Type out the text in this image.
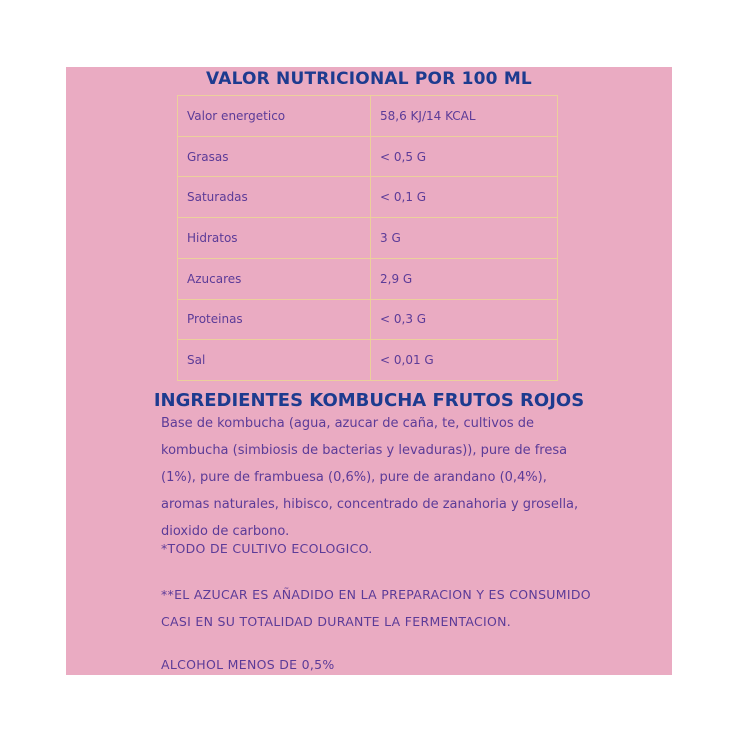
VALOR NUTRICIONAL POR 100 ML
Valor energetico	58,6 KJ/14 KCAL
Grasas	< 0,5 G
Saturadas	< 0,1 G
Hidratos	3 G
Azucares	2,9 G
Proteinas	< 0,3 G
Sal	< 0,01 G
INGREDIENTES KOMBUCHA FRUTOS ROJOS
Base de kombucha (agua, azucar de caña, te, cultivos de kombucha (simbiosis de bacterias y levaduras)), pure de fresa (1%), pure de frambuesa (0,6%), pure de arandano (0,4%), aromas naturales, hibisco, concentrado de zanahoria y grosella, dioxido de carbono.
*TODO DE CULTIVO ECOLOGICO.
**EL AZUCAR ES AÑADIDO EN LA PREPARACION Y ES CONSUMIDO CASI EN SU TOTALIDAD DURANTE LA FERMENTACION.
ALCOHOL MENOS DE 0,5%
